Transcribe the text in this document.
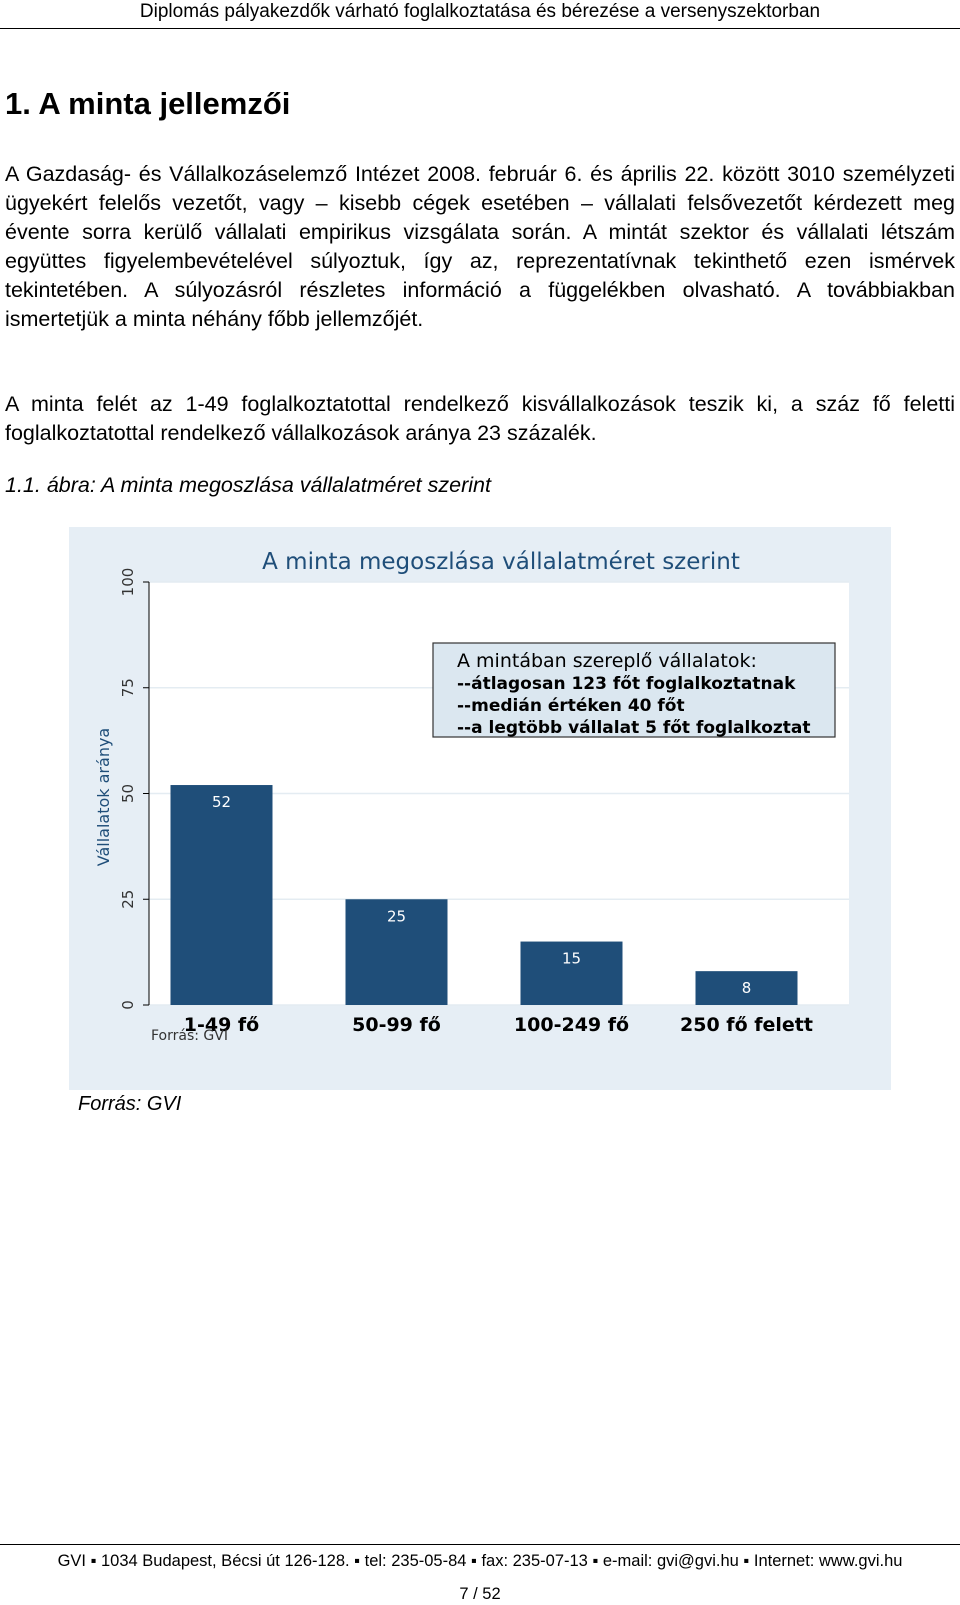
Diplomás pályakezdők várható foglalkoztatása és bérezése a versenyszektorban
1. A minta jellemzői
A Gazdaság- és Vállalkozáselemző Intézet 2008. február 6. és április 22. között 3010 személyzeti ügyekért felelős vezetőt, vagy – kisebb cégek esetében – vállalati felsővezetőt kérdezett meg évente sorra kerülő vállalati empirikus vizsgálata során. A mintát szektor és vállalati létszám együttes figyelembevételével súlyoztuk, így az, reprezentatívnak tekinthető ezen ismérvek tekintetében. A súlyozásról részletes információ a függelékben olvasható. A továbbiakban ismertetjük a minta néhány főbb jellemzőjét.
A minta felét az 1-49 foglalkoztatottal rendelkező kisvállalkozások teszik ki, a száz fő feletti foglalkoztatottal rendelkező vállalkozások aránya 23 százalék.
1.1. ábra: A minta megoszlása vállalatméret szerint
A minta megoszlása vállalatméret szerint
52
25
15
8
0
25
50
75
100
1-49 fő	50-99 fő	100-249 fő	250 fő felett
Vállalatok aránya
A mintában szereplő vállalatok:
--átlagosan 123 főt foglalkoztatnak
--medián értéken 40 főt
--a legtöbb vállalat 5 főt foglalkoztat
Forrás: GVI
Forrás: GVI
GVI ▪ 1034 Budapest, Bécsi út 126-128. ▪ tel: 235-05-84 ▪ fax: 235-07-13 ▪ e-mail: gvi@gvi.hu ▪ Internet: www.gvi.hu
7 / 52
